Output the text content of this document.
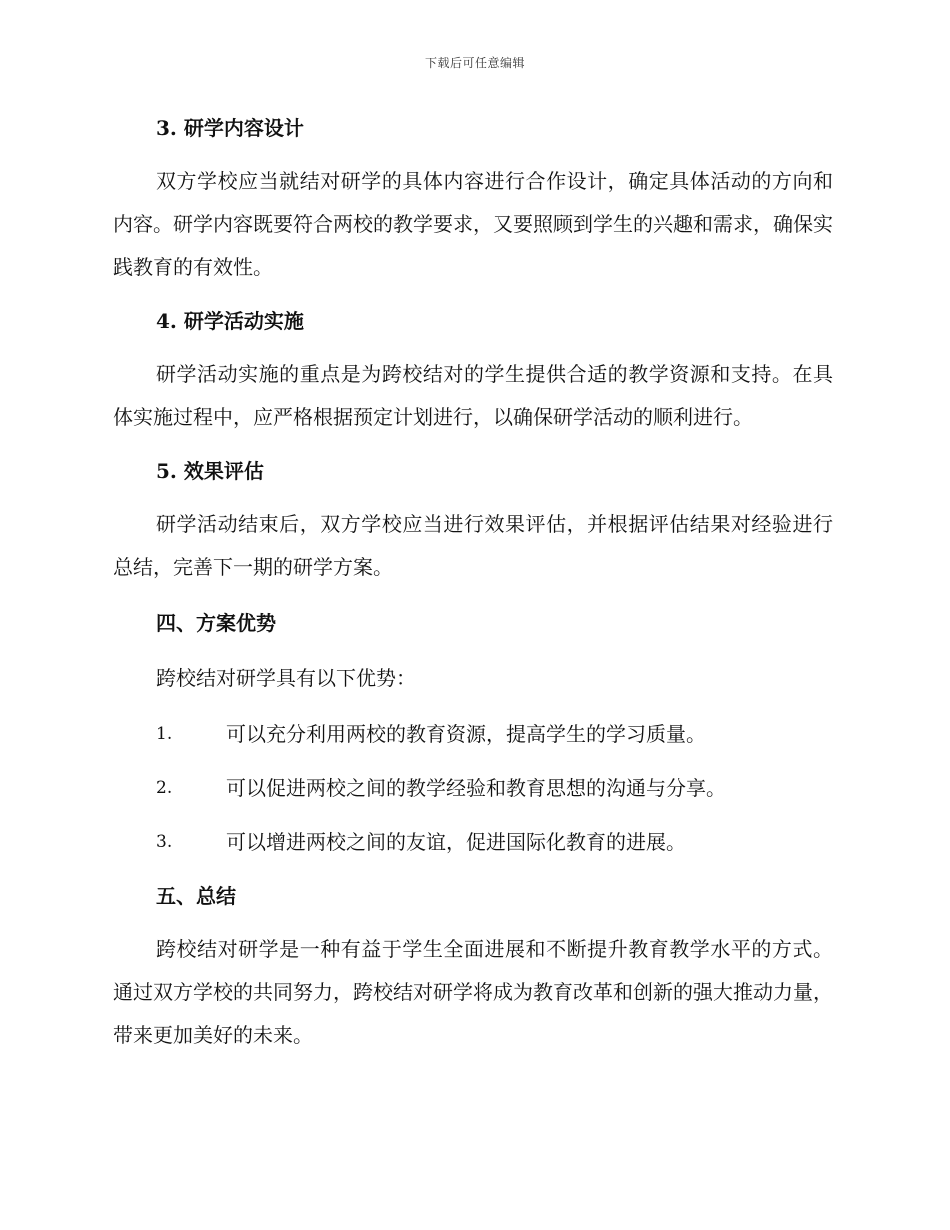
下载后可任意编辑
3. 研学内容设计

双方学校应当就结对研学的具体内容进行合作设计，确定具体活动的方向和内容。研学内容既要符合两校的教学要求，又要照顾到学生的兴趣和需求，确保实践教育的有效性。

4. 研学活动实施

研学活动实施的重点是为跨校结对的学生提供合适的教学资源和支持。在具体实施过程中，应严格根据预定计划进行，以确保研学活动的顺利进行。

5. 效果评估

研学活动结束后，双方学校应当进行效果评估，并根据评估结果对经验进行总结，完善下一期的研学方案。

四、方案优势

跨校结对研学具有以下优势：

1.	可以充分利用两校的教育资源，提高学生的学习质量。
2.	可以促进两校之间的教学经验和教育思想的沟通与分享。
3.	可以增进两校之间的友谊，促进国际化教育的进展。
五、总结

跨校结对研学是一种有益于学生全面进展和不断提升教育教学水平的方式。通过双方学校的共同努力，跨校结对研学将成为教育改革和创新的强大推动力量，带来更加美好的未来。
